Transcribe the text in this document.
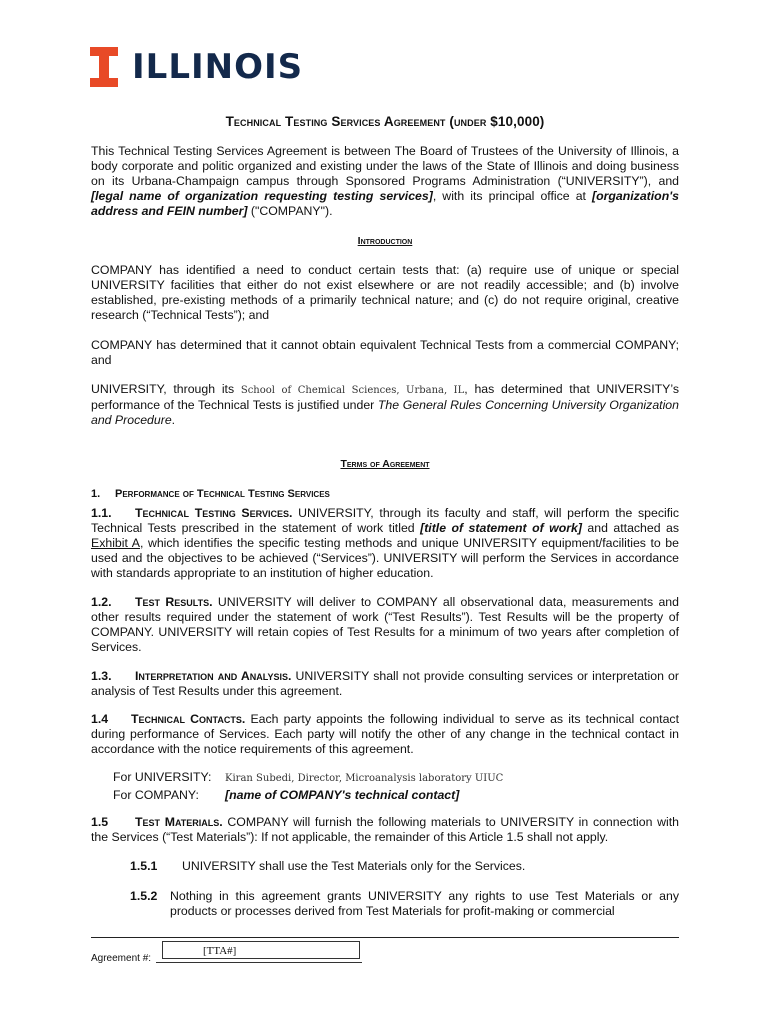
ILLINOIS
Technical Testing Services Agreement (under $10,000)

This Technical Testing Services Agreement is between The Board of Trustees of the University of Illinois, a body corporate and politic organized and existing under the laws of the State of Illinois and doing business on its Urbana-Champaign campus through Sponsored Programs Administration (“UNIVERSITY”), and [legal name of organization requesting testing services], with its principal office at [organization's address and FEIN number] ("COMPANY").

Introduction

COMPANY has identified a need to conduct certain tests that: (a) require use of unique or special UNIVERSITY facilities that either do not exist elsewhere or are not readily accessible; and (b) involve established, pre-existing methods of a primarily technical nature; and (c) do not require original, creative research (“Technical Tests”); and

COMPANY has determined that it cannot obtain equivalent Technical Tests from a commercial COMPANY; and

UNIVERSITY, through its School of Chemical Sciences, Urbana, IL, has determined that UNIVERSITY’s performance of the Technical Tests is justified under The General Rules Concerning University Organization and Procedure.

Terms of Agreement

1. Performance of Technical Testing Services

1.1. Technical Testing Services. UNIVERSITY, through its faculty and staff, will perform the specific Technical Tests prescribed in the statement of work titled [title of statement of work] and attached as Exhibit A, which identifies the specific testing methods and unique UNIVERSITY equipment/facilities to be used and the objectives to be achieved (“Services”). UNIVERSITY will perform the Services in accordance with standards appropriate to an institution of higher education.

1.2. Test Results. UNIVERSITY will deliver to COMPANY all observational data, measurements and other results required under the statement of work (“Test Results”). Test Results will be the property of COMPANY. UNIVERSITY will retain copies of Test Results for a minimum of two years after completion of Services.

1.3. Interpretation and Analysis. UNIVERSITY shall not provide consulting services or interpretation or analysis of Test Results under this agreement.

1.4 Technical Contacts. Each party appoints the following individual to serve as its technical contact during performance of Services. Each party will notify the other of any change in the technical contact in accordance with the notice requirements of this agreement.

For UNIVERSITY: Kiran Subedi, Director, Microanalysis laboratory UIUC
For COMPANY: [name of COMPANY's technical contact]

1.5 Test Materials. COMPANY will furnish the following materials to UNIVERSITY in connection with the Services (“Test Materials”): If not applicable, the remainder of this Article 1.5 shall not apply.

1.5.1 UNIVERSITY shall use the Test Materials only for the Services.
1.5.2 Nothing in this agreement grants UNIVERSITY any rights to use Test Materials or any products or processes derived from Test Materials for profit-making or commercial
Agreement #:
[TTA#]
